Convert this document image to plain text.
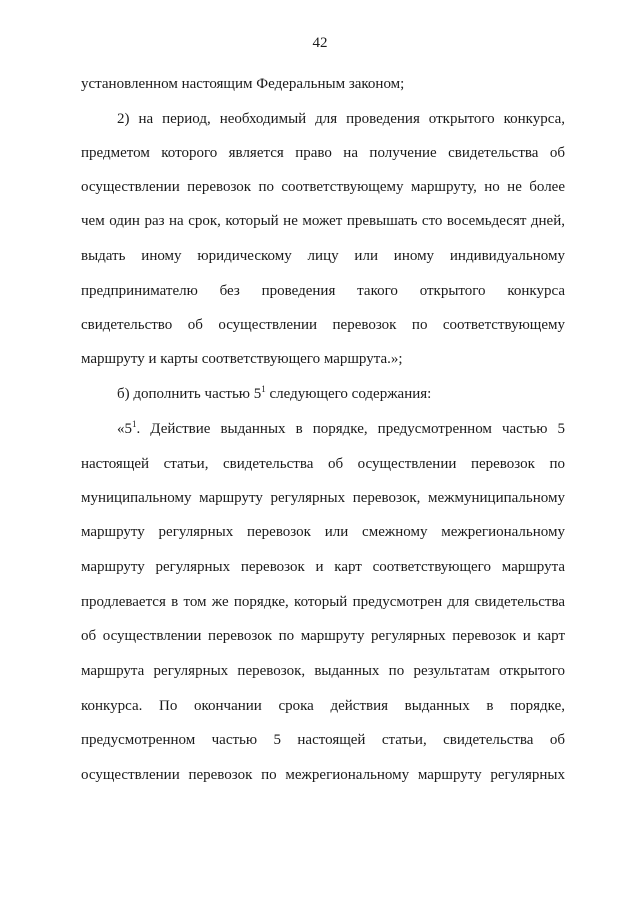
42
установленном настоящим Федеральным законом;
2) на период, необходимый для проведения открытого конкурса,
предметом которого является право на получение свидетельства об
осуществлении перевозок по соответствующему маршруту, но не более
чем один раз на срок, который не может превышать сто восемьдесят дней,
выдать иному юридическому лицу или иному индивидуальному
предпринимателю без проведения такого открытого конкурса
свидетельство об осуществлении перевозок по соответствующему
маршруту и карты соответствующего маршрута.»;
б) дополнить частью $5^1$ следующего содержания:
«$5^1$. Действие выданных в порядке, предусмотренном частью 5
настоящей статьи, свидетельства об осуществлении перевозок по
муниципальному маршруту регулярных перевозок, межмуниципальному
маршруту регулярных перевозок или смежному межрегиональному
маршруту регулярных перевозок и карт соответствующего маршрута
продлевается в том же порядке, который предусмотрен для свидетельства
об осуществлении перевозок по маршруту регулярных перевозок и карт
маршрута регулярных перевозок, выданных по результатам открытого
конкурса. По окончании срока действия выданных в порядке,
предусмотренном частью 5 настоящей статьи, свидетельства об
осуществлении перевозок по межрегиональному маршруту регулярных
